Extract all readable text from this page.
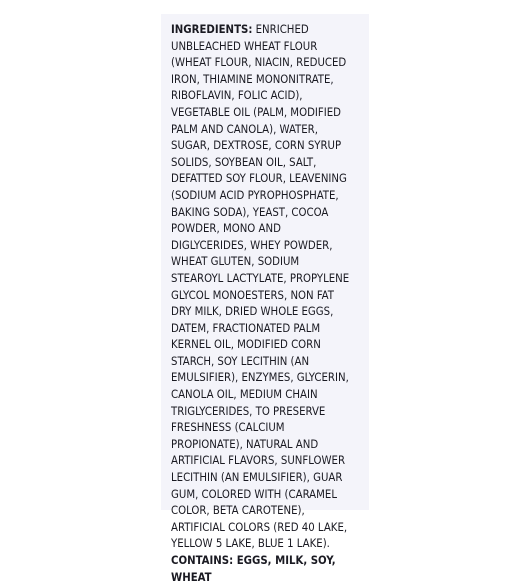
INGREDIENTS: ENRICHED
UNBLEACHED WHEAT FLOUR
(WHEAT FLOUR, NIACIN, REDUCED
IRON, THIAMINE MONONITRATE,
RIBOFLAVIN, FOLIC ACID),
VEGETABLE OIL (PALM, MODIFIED
PALM AND CANOLA), WATER,
SUGAR, DEXTROSE, CORN SYRUP
SOLIDS, SOYBEAN OIL, SALT,
DEFATTED SOY FLOUR, LEAVENING
(SODIUM ACID PYROPHOSPHATE,
BAKING SODA), YEAST, COCOA
POWDER, MONO AND
DIGLYCERIDES, WHEY POWDER,
WHEAT GLUTEN, SODIUM
STEAROYL LACTYLATE, PROPYLENE
GLYCOL MONOESTERS, NON FAT
DRY MILK, DRIED WHOLE EGGS,
DATEM, FRACTIONATED PALM
KERNEL OIL, MODIFIED CORN
STARCH, SOY LECITHIN (AN
EMULSIFIER), ENZYMES, GLYCERIN,
CANOLA OIL, MEDIUM CHAIN
TRIGLYCERIDES, TO PRESERVE
FRESHNESS (CALCIUM
PROPIONATE), NATURAL AND
ARTIFICIAL FLAVORS, SUNFLOWER
LECITHIN (AN EMULSIFIER), GUAR
GUM, COLORED WITH (CARAMEL
COLOR, BETA CAROTENE),
ARTIFICIAL COLORS (RED 40 LAKE,
YELLOW 5 LAKE, BLUE 1 LAKE).
CONTAINS: EGGS, MILK, SOY,
WHEAT
